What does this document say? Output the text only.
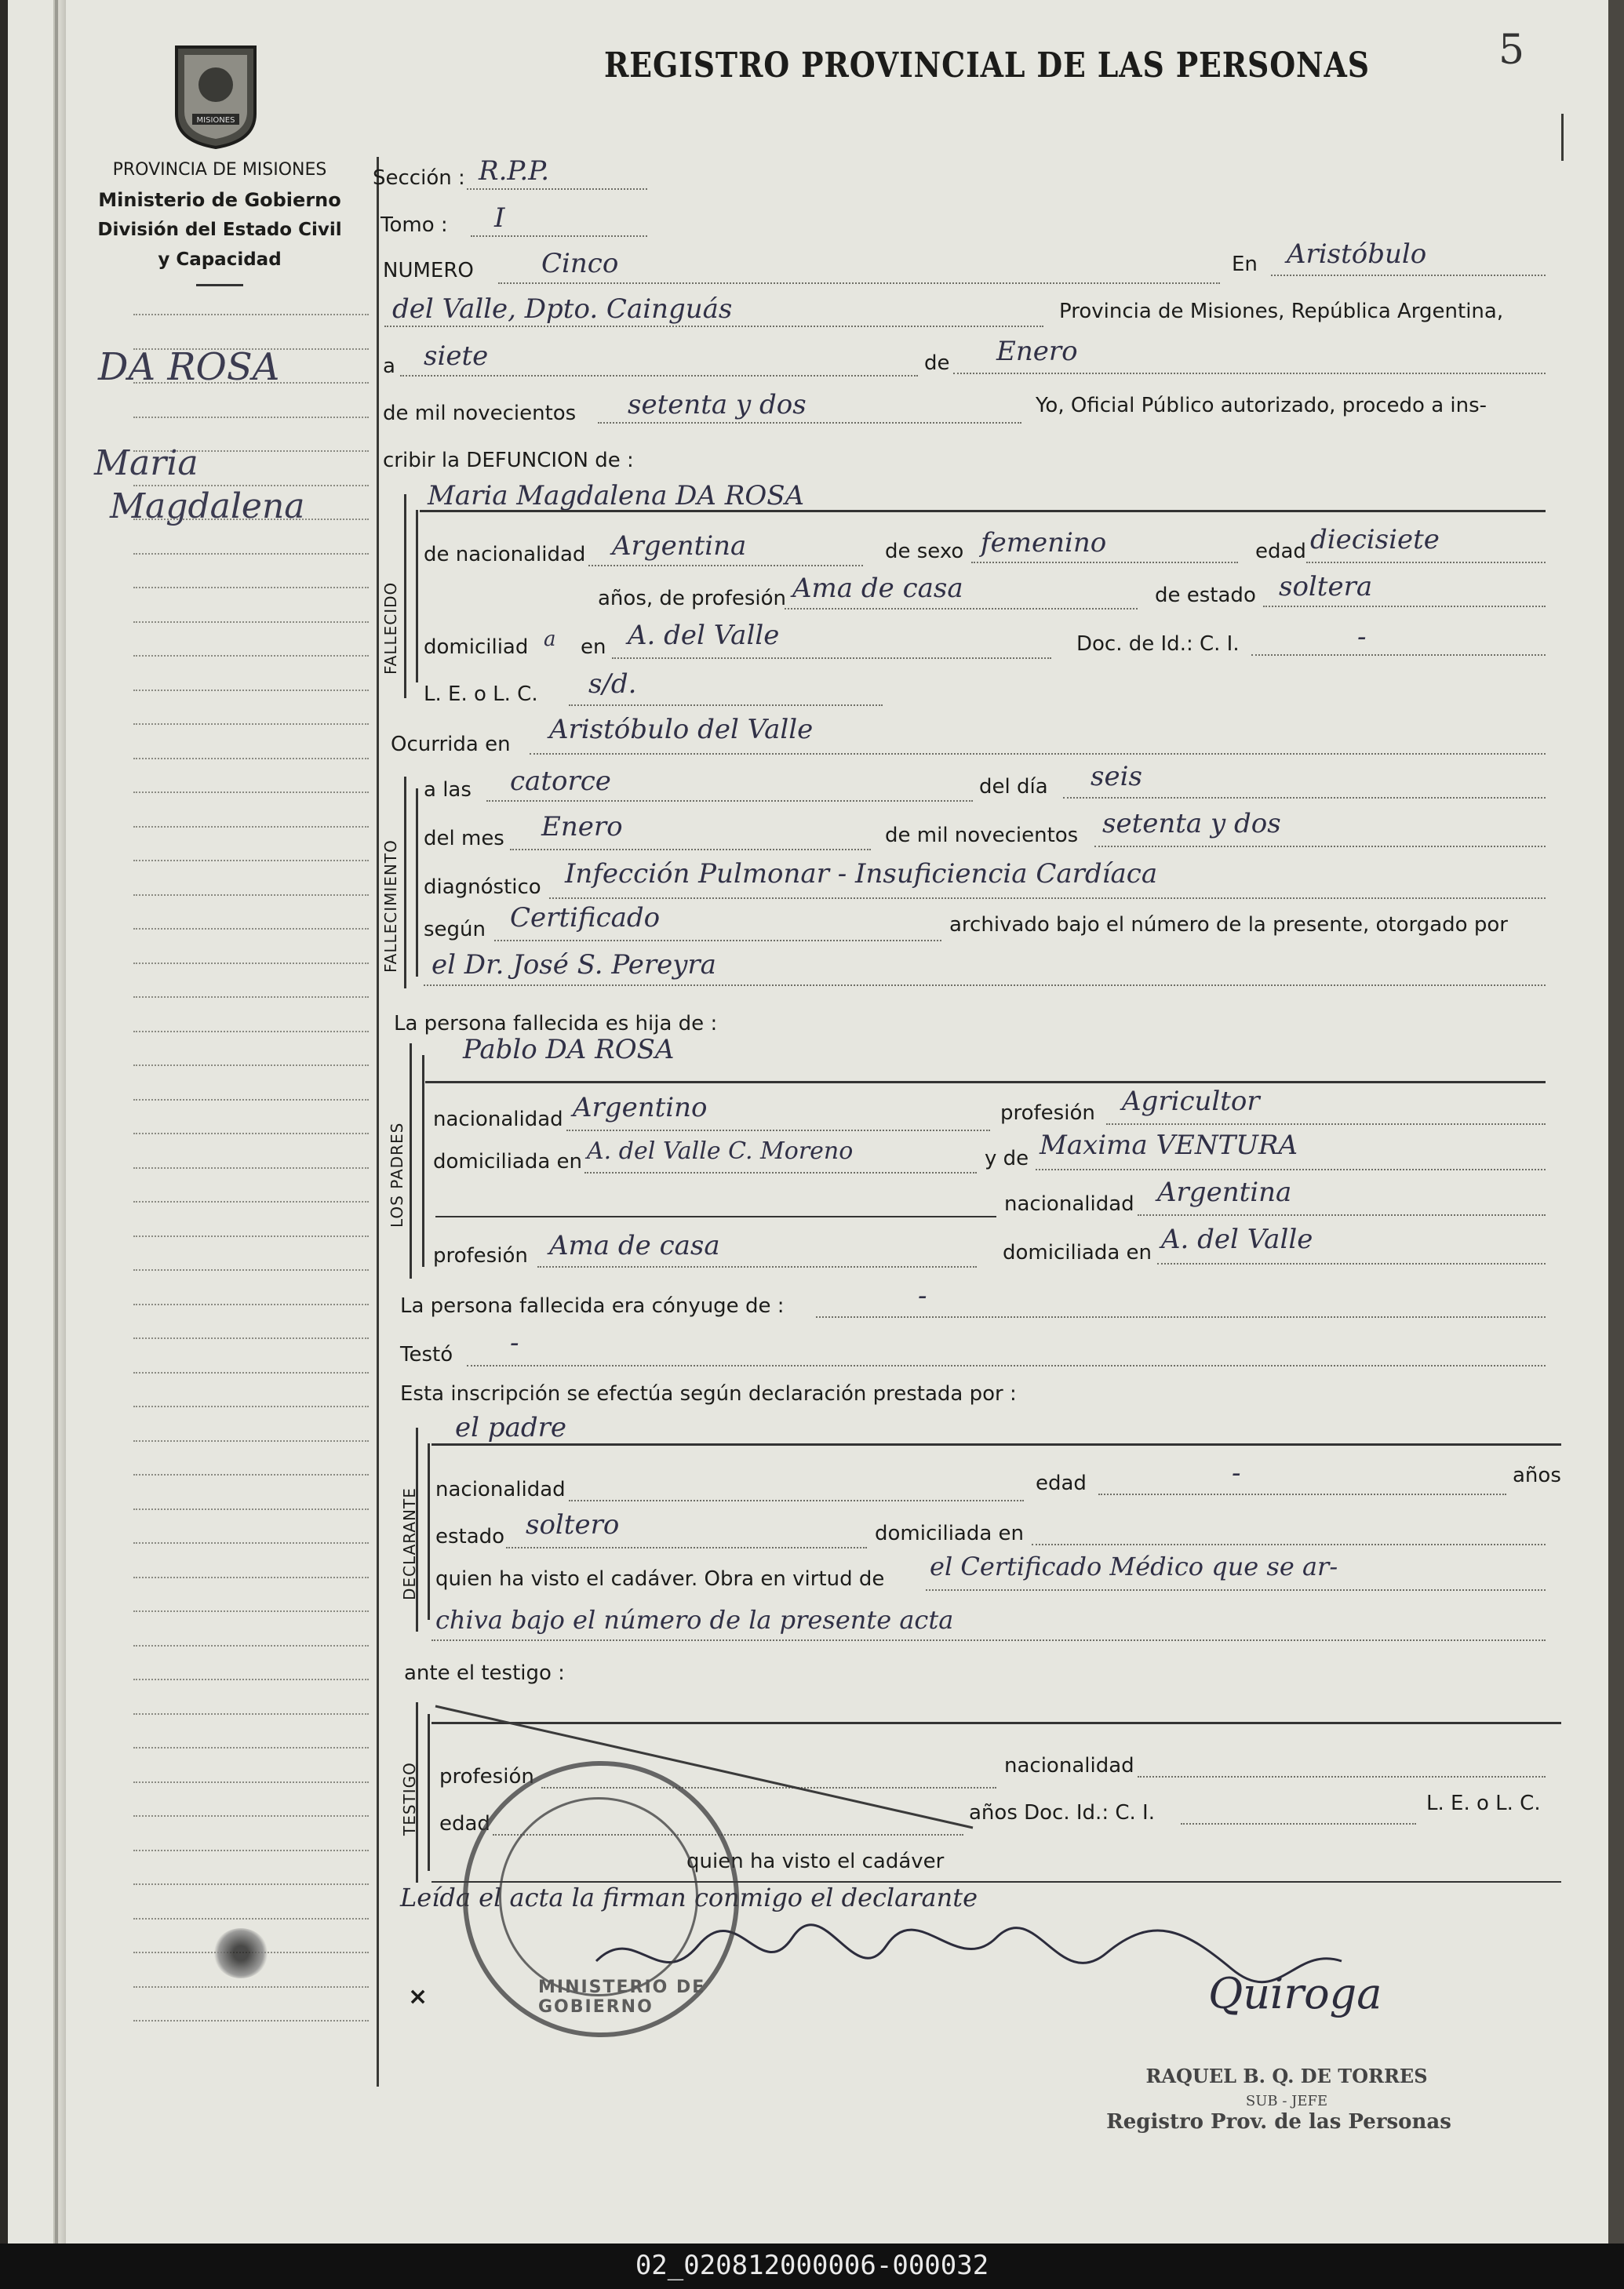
MISIONES
REGISTRO PROVINCIAL DE LAS PERSONAS	5
PROVINCIA DE MISIONES
Ministerio de Gobierno
División del Estado Civil
y Capacidad
DA ROSA
Maria
Magdalena
Sección : R.P.P.
Tomo : I
NUMERO	Cinco	En Aristóbulo
del Valle, Dpto. Cainguás	Provincia de Misiones, República Argentina,
a siete	de Enero
de mil novecientos setenta y dos	Yo, Oficial Público autorizado, procedo a ins-
cribir la DEFUNCION de :
FALLECIDO
Maria Magdalena DA ROSA
de nacionalidad Argentina	de sexo femenino	edad diecisiete
años, de profesión Ama de casa	de estado soltera
domiciliad a en A. del Valle	Doc. de Id.: C. I.	-
L. E. o L. C. s/d.
Ocurrida en Aristóbulo del Valle
FALLECIMIENTO
a las catorce	del día seis
del mes Enero	de mil novecientos setenta y dos
diagnóstico Infección Pulmonar - Insuficiencia Cardíaca
según Certificado	archivado bajo el número de la presente, otorgado por
el Dr. José S. Pereyra
La persona fallecida es hija de :
LOS PADRES
Pablo DA ROSA
nacionalidad Argentino	profesión Agricultor
domiciliada en A. del Valle C. Moreno	y de Maxima VENTURA
nacionalidad Argentina
profesión Ama de casa	domiciliada en A. del Valle
La persona fallecida era cónyuge de :	-
Testó -
Esta inscripción se efectúa según declaración prestada por :
DECLARANTE
el padre
nacionalidad	edad	-	años
estado soltero	domiciliada en
quien ha visto el cadáver. Obra en virtud de el Certificado Médico que se ar-
chiva bajo el número de la presente acta
ante el testigo :
TESTIGO profesión	nacionalidad
edad	años Doc. Id.: C. I.	L. E. o L. C.
quien ha visto el cadáver
Leída el acta la firman conmigo el declarante
×	MINISTERIO DE GOBIERNO	Quiroga
RAQUEL B. Q. DE TORRES
SUB - JEFE
Registro Prov. de las Personas
02_020812000006-000032
